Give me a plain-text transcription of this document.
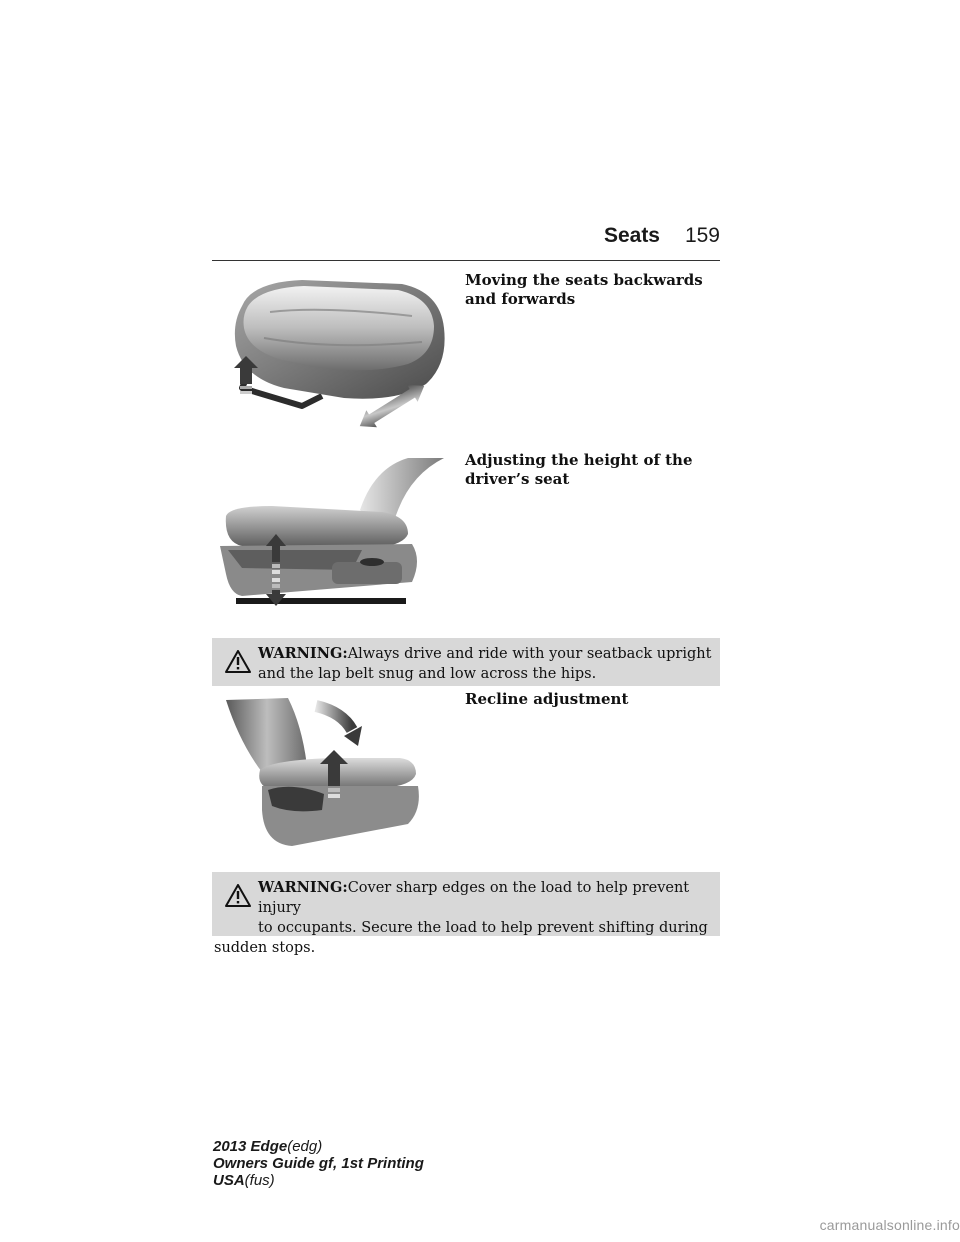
Seats	159
Moving the seats backwards and forwards
Adjusting the height of the driver’s seat
WARNING:Always drive and ride with your seatback upright and the lap belt snug and low across the hips.
Recline adjustment
WARNING:Cover sharp edges on the load to help prevent injury
to occupants. Secure the load to help prevent shifting during
sudden stops.
2013 Edge(edg)
Owners Guide gf, 1st Printing
USA(fus)
carmanualsonline.info
